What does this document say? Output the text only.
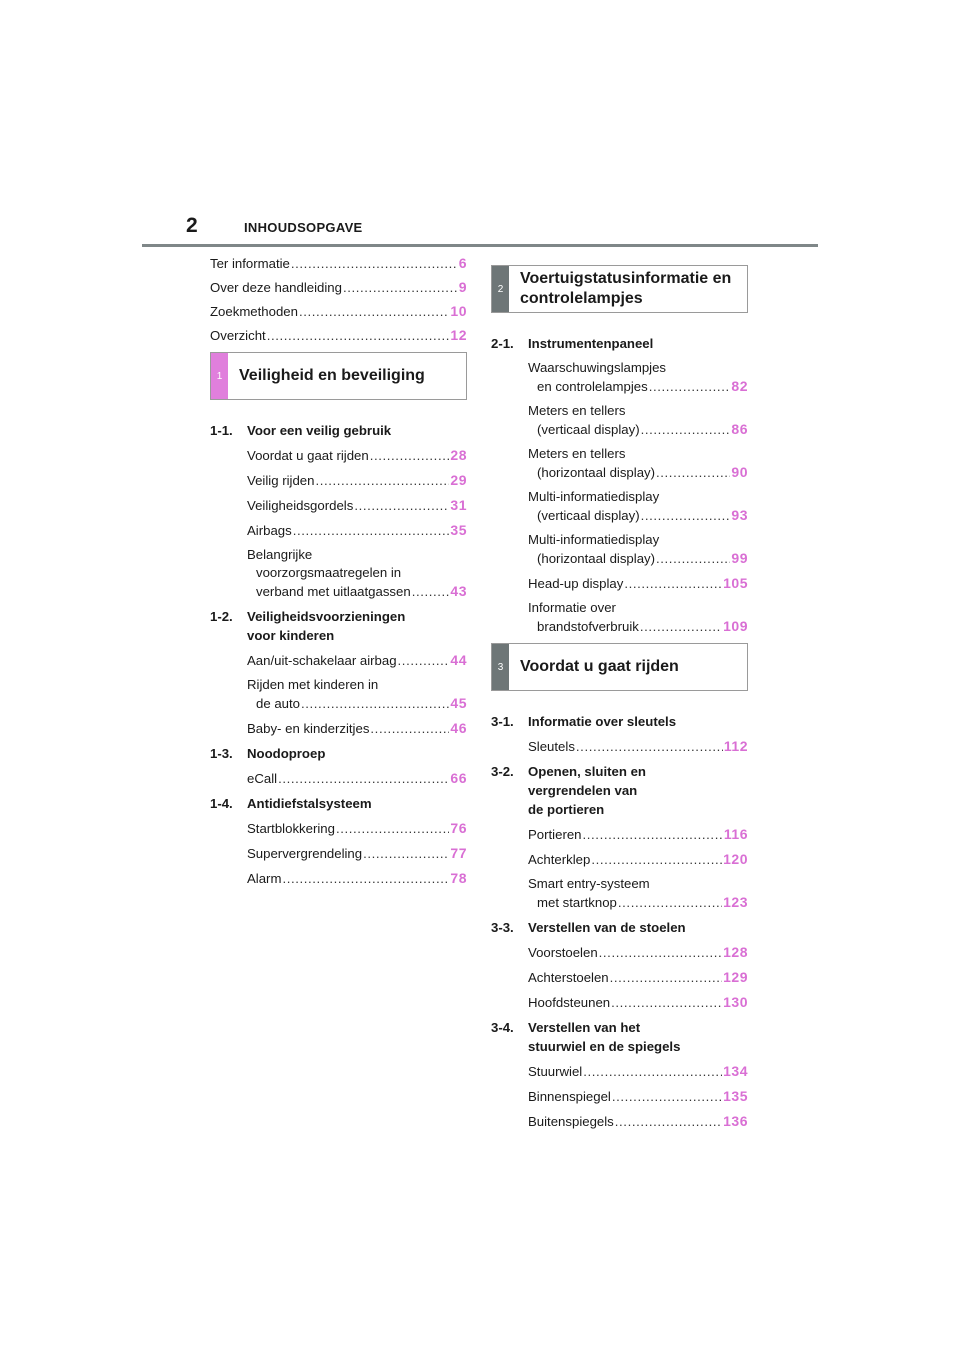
2	INHOUDSOPGAVE
Ter informatie .....	6
Over deze handleiding .....	9
Zoekmethoden .....	10
Overzicht .....	12
1	Veiligheid en beveiliging
1-1.	Voor een veilig gebruik
Voordat u gaat rijden .....	28
Veilig rijden .....	29
Veiligheidsgordels .....	31
Airbags .....	35
Belangrijke
voorzorgsmaatregelen in
verband met uitlaatgassen .....	43
1-2.	Veiligheidsvoorzieningen
voor kinderen
Aan/uit-schakelaar airbag .....	44
Rijden met kinderen in
de auto .....	45
Baby- en kinderzitjes .....	46
1-3.	Noodoproep
eCall .....	66
1-4.	Antidiefstalsysteem
Startblokkering .....	76
Supervergrendeling .....	77
Alarm .....	78
2
Voertuigstatusinformatie en controlelampjes
2-1.	Instrumentenpaneel
Waarschuwingslampjes
en controlelampjes .....	82
Meters en tellers
(verticaal display) .....	86
Meters en tellers
(horizontaal display) .....	90
Multi-informatiedisplay
(verticaal display) .....	93
Multi-informatiedisplay
(horizontaal display) .....	99
Head-up display .....	105
Informatie over
brandstofverbruik .....	109
3	Voordat u gaat rijden
3-1.	Informatie over sleutels
Sleutels .....	112
3-2.	Openen, sluiten en
vergrendelen van
de portieren
Portieren .....	116
Achterklep .....	120
Smart entry-systeem
met startknop .....	123
3-3.	Verstellen van de stoelen
Voorstoelen .....	128
Achterstoelen .....	129
Hoofdsteunen .....	130
3-4.	Verstellen van het
stuurwiel en de spiegels
Stuurwiel .....	134
Binnenspiegel .....	135
Buitenspiegels .....	136
